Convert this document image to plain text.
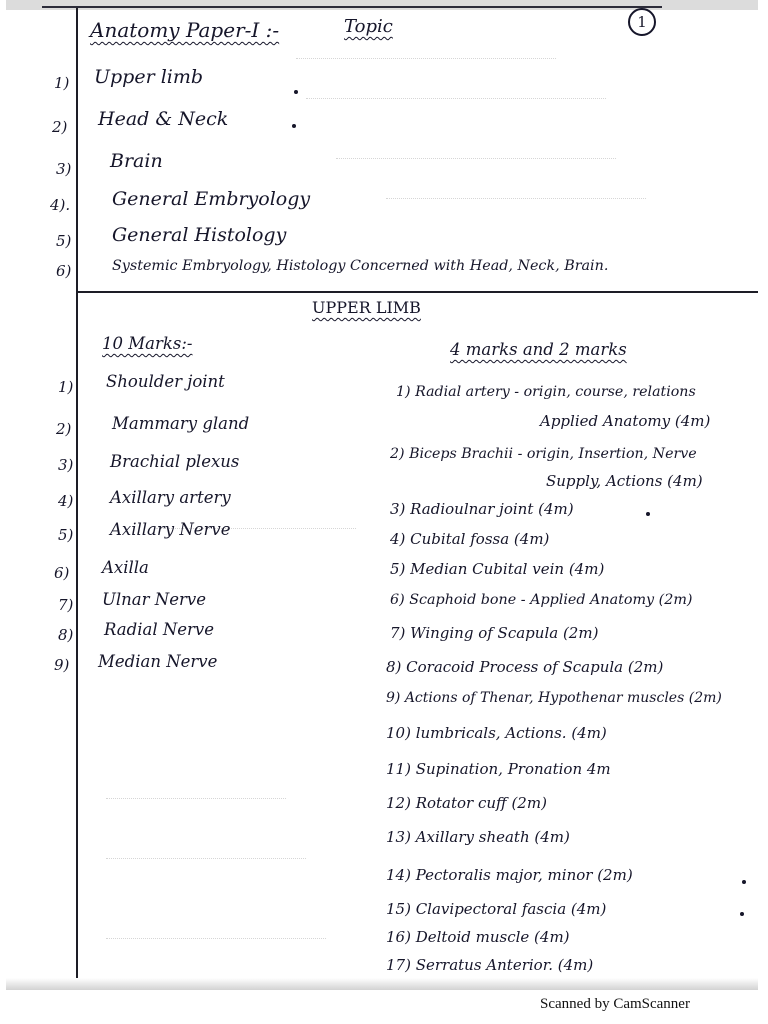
Anatomy Paper-I :-	Topic	1
1) Upper limb
2) Head & Neck
3) Brain
4). General Embryology
5) General Histology
6)	Systemic Embryology, Histology Concerned with Head, Neck, Brain.
UPPER LIMB
10 Marks:-
1) Shoulder joint
2) Mammary gland
3) Brachial plexus
4) Axillary artery
5) Axillary Nerve
6) Axilla
7) Ulnar Nerve
8) Radial Nerve
9) Median Nerve
4 marks and 2 marks
1) Radial artery - origin, course, relations
Applied Anatomy (4m)
2) Biceps Brachii - origin, Insertion, Nerve
Supply, Actions (4m)
3) Radioulnar joint (4m)
4) Cubital fossa (4m)
5) Median Cubital vein (4m)
6) Scaphoid bone - Applied Anatomy (2m)
7) Winging of Scapula (2m)
8) Coracoid Process of Scapula (2m)
9) Actions of Thenar, Hypothenar muscles (2m)
10) lumbricals, Actions. (4m)
11) Supination, Pronation 4m
12) Rotator cuff (2m)
13) Axillary sheath (4m)
14) Pectoralis major, minor (2m)
15) Clavipectoral fascia (4m)
16) Deltoid muscle (4m)
17) Serratus Anterior. (4m)
Scanned by CamScanner
